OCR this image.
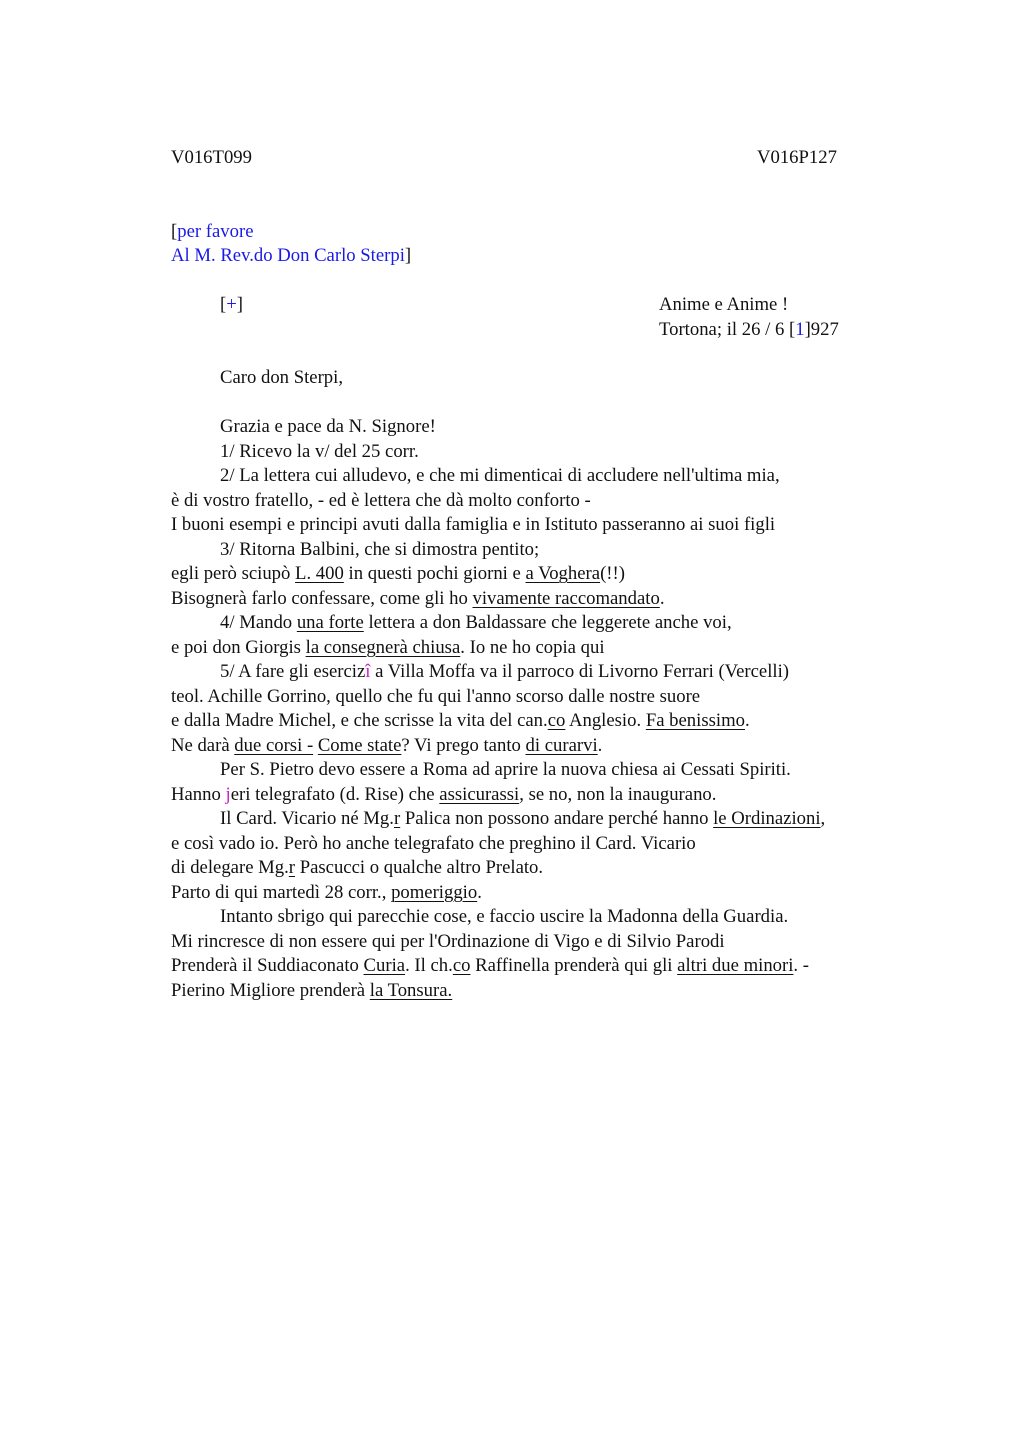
V016T099	V016P127
[per favore
Al M. Rev.do Don Carlo Sterpi]
[+]	Anime e Anime !
Tortona; il 26 / 6 [1]927
Caro don Sterpi,
Grazia e pace da N. Signore!
1/ Ricevo la v/ del 25 corr.
2/ La lettera cui alludevo, e che mi dimenticai di accludere nell'ultima mia,
è di vostro fratello, - ed è lettera che dà molto conforto -
I buoni esempi e principi avuti dalla famiglia e in Istituto passeranno ai suoi figli
3/ Ritorna Balbini, che si dimostra pentito;
egli però sciupò L. 400 in questi pochi giorni e a Voghera(!!)
Bisognerà farlo confessare, come gli ho vivamente raccomandato.
4/ Mando una forte lettera a don Baldassare che leggerete anche voi,
e poi don Giorgis la consegnerà chiusa. Io ne ho copia qui
5/ A fare gli esercizî a Villa Moffa va il parroco di Livorno Ferrari (Vercelli)
teol. Achille Gorrino, quello che fu qui l'anno scorso dalle nostre suore
e dalla Madre Michel, e che scrisse la vita del can.co Anglesio. Fa benissimo.
Ne darà due corsi - Come state? Vi prego tanto di curarvi.
Per S. Pietro devo essere a Roma ad aprire la nuova chiesa ai Cessati Spiriti.
Hanno jeri telegrafato (d. Rise) che assicurassi, se no, non la inaugurano.
Il Card. Vicario né Mg.r Palica non possono andare perché hanno le Ordinazioni,
e così vado io. Però ho anche telegrafato che preghino il Card. Vicario
di delegare Mg.r Pascucci o qualche altro Prelato.
Parto di qui martedì 28 corr., pomeriggio.
Intanto sbrigo qui parecchie cose, e faccio uscire la Madonna della Guardia.
Mi rincresce di non essere qui per l'Ordinazione di Vigo e di Silvio Parodi
Prenderà il Suddiaconato Curia. Il ch.co Raffinella prenderà qui gli altri due minori. -
Pierino Migliore prenderà la Tonsura.
